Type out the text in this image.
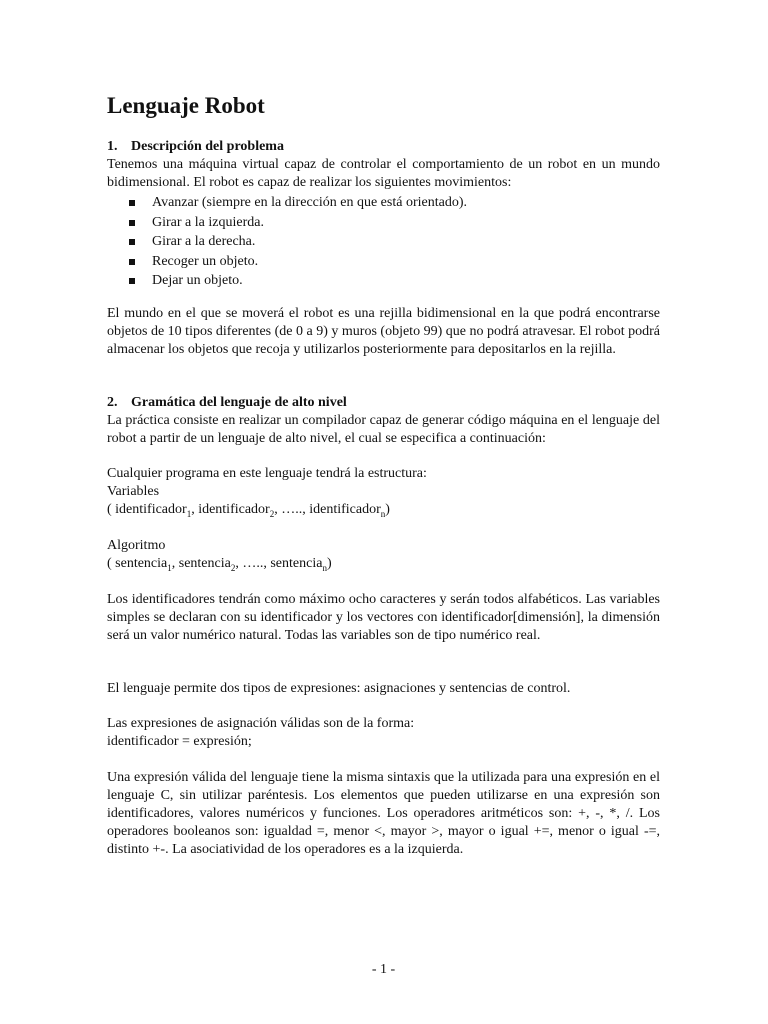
Lenguaje Robot
1. Descripción del problema

Tenemos una máquina virtual capaz de controlar el comportamiento de un robot en un mundo bidimensional. El robot es capaz de realizar los siguientes movimientos:

Avanzar (siempre en la dirección en que está orientado).
Girar a la izquierda.
Girar a la derecha.
Recoger un objeto.
Dejar un objeto.

El mundo en el que se moverá el robot es una rejilla bidimensional en la que podrá encontrarse objetos de 10 tipos diferentes (de 0 a 9) y muros (objeto 99) que no podrá atravesar. El robot podrá almacenar los objetos que recoja y utilizarlos posteriormente para depositarlos en la rejilla.

2. Gramática del lenguaje de alto nivel

La práctica consiste en realizar un compilador capaz de generar código máquina en el lenguaje del robot a partir de un lenguaje de alto nivel, el cual se especifica a continuación:

Cualquier programa en este lenguaje tendrá la estructura:

Variables

( identificador$_1$, identificador$_2$, ….., identificador$_n$)

Algoritmo

( sentencia$_1$, sentencia$_2$, ….., sentencia$_n$)

Los identificadores tendrán como máximo ocho caracteres y serán todos alfabéticos. Las variables simples se declaran con su identificador y los vectores con identificador[dimensión], la dimensión será un valor numérico natural. Todas las variables son de tipo numérico real.

El lenguaje permite dos tipos de expresiones: asignaciones y sentencias de control.

Las expresiones de asignación válidas son de la forma:

identificador = expresión;

Una expresión válida del lenguaje tiene la misma sintaxis que la utilizada para una expresión en el lenguaje C, sin utilizar paréntesis. Los elementos que pueden utilizarse en una expresión son identificadores, valores numéricos y funciones. Los operadores aritméticos son: +, -, *, /. Los operadores booleanos son: igualdad =, menor <, mayor >, mayor o igual +=, menor o igual -=, distinto +-. La asociatividad de los operadores es a la izquierda.

- 1 -
